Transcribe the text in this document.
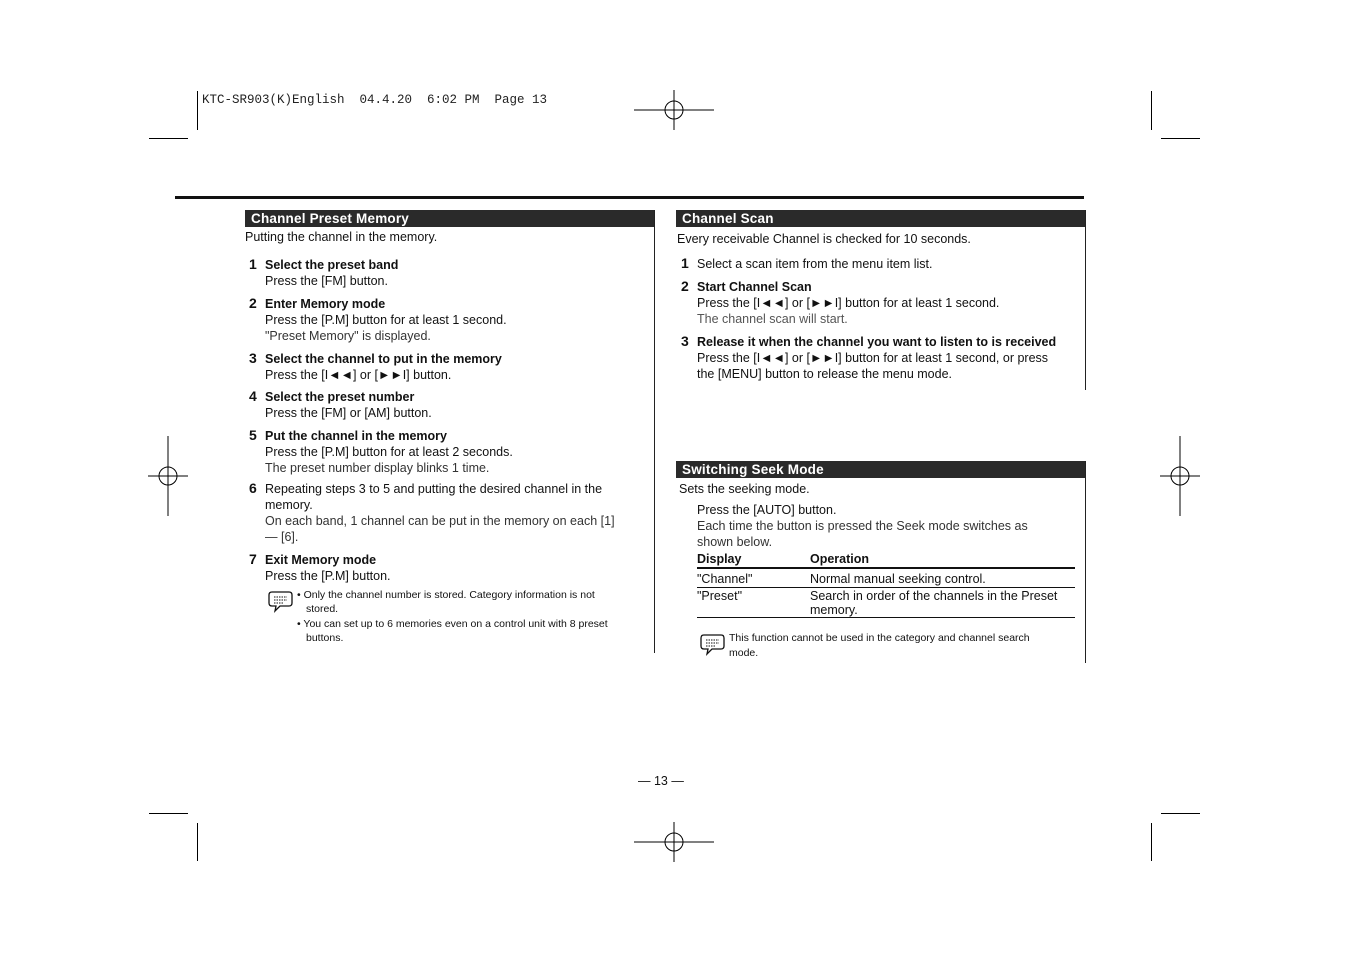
KTC-SR903(K)English  04.4.20  6:02 PM  Page 13
Channel Preset Memory
Putting the channel in the memory.
1 Select the preset band
Press the [FM] button.
2 Enter Memory mode
Press the [P.M] button for at least 1 second.
"Preset Memory" is displayed.
3 Select the channel to put in the memory
Press the [I◄◄] or [►►I] button.
4 Select the preset number
Press the [FM] or [AM] button.
5 Put the channel in the memory
Press the [P.M] button for at least 2 seconds.
The preset number display blinks 1 time.
6 Repeating steps 3 to 5 and putting the desired channel in the
memory.
On each band, 1 channel can be put in the memory on each [1]
— [6].
7 Exit Memory mode
Press the [P.M] button.
• Only the channel number is stored. Category information is not
stored.
• You can set up to 6 memories even on a control unit with 8 preset
buttons.
Channel Scan
Every receivable Channel is checked for 10 seconds.
1 Select a scan item from the menu item list.
2 Start Channel Scan
Press the [I◄◄] or [►►I] button for at least 1 second.
The channel scan will start.
3 Release it when the channel you want to listen to is received
Press the [I◄◄] or [►►I] button for at least 1 second, or press
the [MENU] button to release the menu mode.
Switching Seek Mode
Sets the seeking mode.
Press the [AUTO] button.
Each time the button is pressed the Seek mode switches as
shown below.
Display	Operation
"Channel"	Normal manual seeking control.
"Preset"	Search in order of the channels in the Preset
memory.
This function cannot be used in the category and channel search
mode.
— 13 —
